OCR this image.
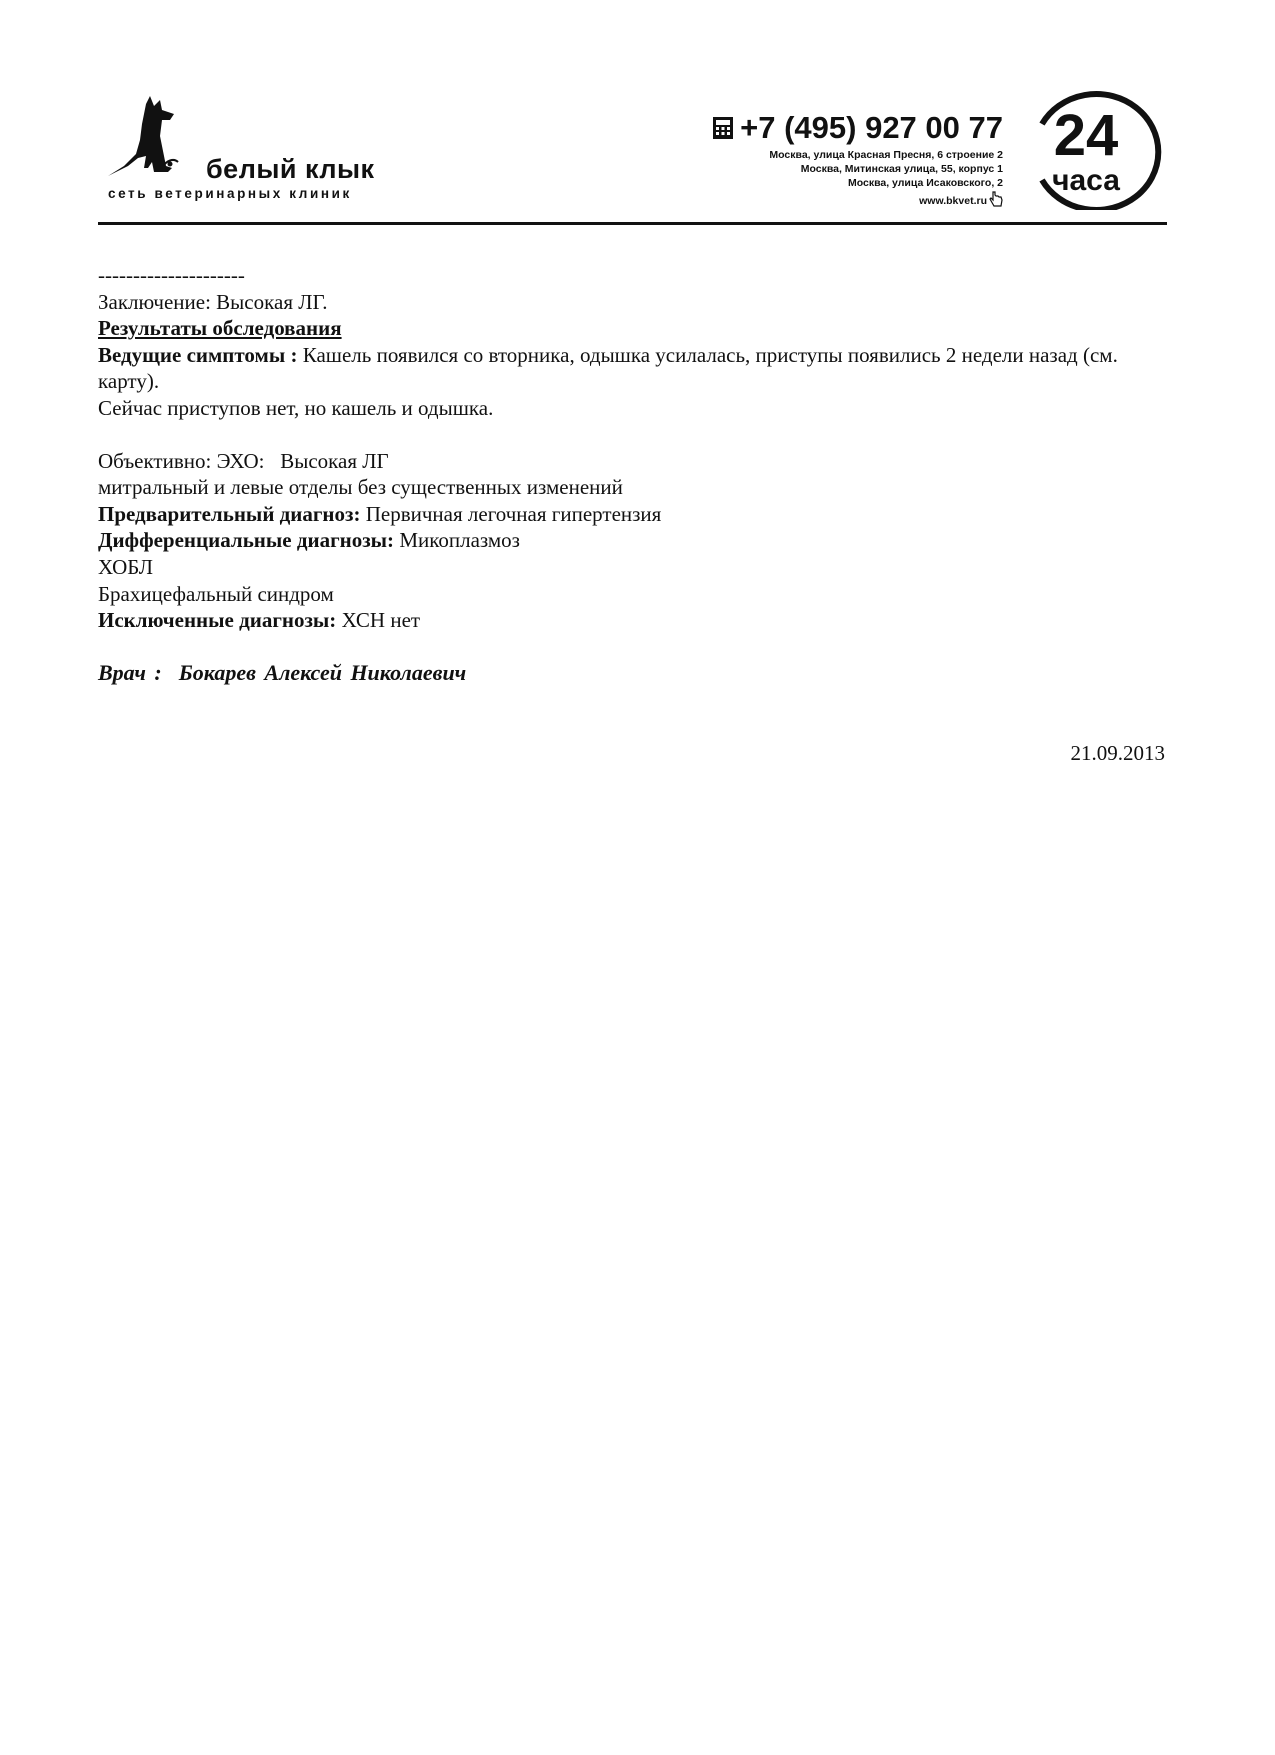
белый клык
сеть ветеринарных клиник
+7 (495) 927 00 77
Москва, улица Красная Пресня, 6 строение 2
Москва, Митинская улица, 55, корпус 1
Москва, улица Исаковского, 2
www.bkvet.ru
24
часа

---------------------

Заключение: Высокая ЛГ.

Результаты обследования

Ведущие симптомы : Кашель появился со вторника, одышка усилалась, приступы появились 2 недели назад (см. карту).

Сейчас приступов нет, но кашель и одышка.

Объективно: ЭХО:   Высокая ЛГ

митральный и левые отделы без существенных изменений

Предварительный диагноз: Первичная легочная гипертензия

Дифференциальные диагнозы: Микоплазмоз

ХОБЛ

Брахицефальный синдром

Исключенные диагнозы: ХСН нет

Врач :  Бокарев Алексей Николаевич

21.09.2013
